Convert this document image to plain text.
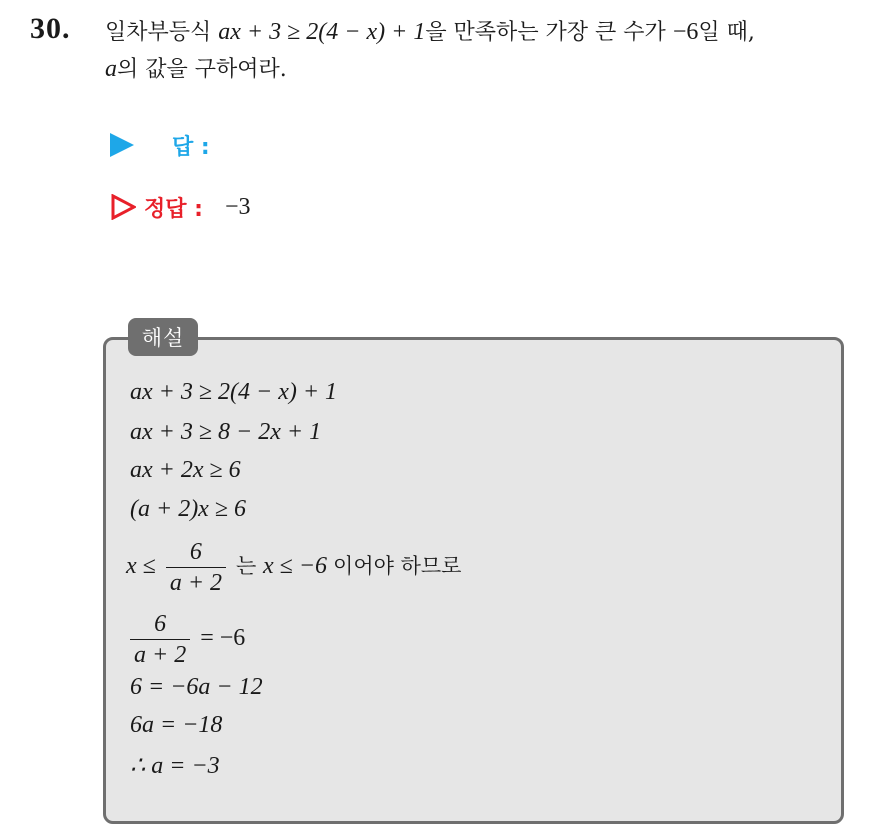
30. 일차부등식 ax + 3 ≥ 2(4 − x) + 1을 만족하는 가장 큰 수가 −6일 때,
a의 값을 구하여라.
답 :
정답 : −3
해설
ax + 3 ≥ 2(4 − x) + 1
ax + 3 ≥ 8 − 2x + 1
ax + 2x ≥ 6
(a + 2)x ≥ 6
$x \le \frac{6}{a + 2}$ 는 x ≤ −6 이어야 하므로
$\frac{6}{a + 2} = -6$
6 = −6a − 12
6a = −18
∴ a = −3
